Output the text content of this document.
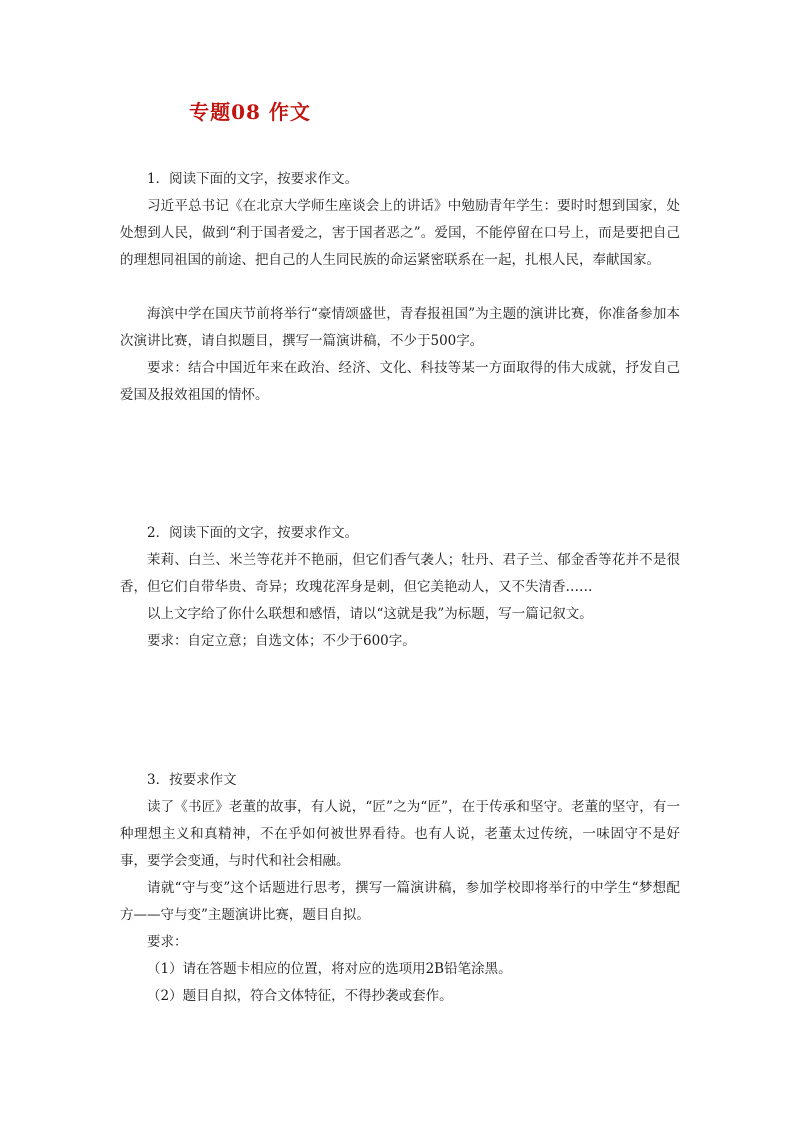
专题08 作文
1．阅读下面的文字，按要求作文。
习近平总书记《在北京大学师生座谈会上的讲话》中勉励青年学生：要时时想到国家，处处想到人民，做到“利于国者爱之，害于国者恶之”。爱国，不能停留在口号上，而是要把自己的理想同祖国的前途、把自己的人生同民族的命运紧密联系在一起，扎根人民，奉献国家。
海滨中学在国庆节前将举行“豪情颂盛世，青春报祖国”为主题的演讲比赛，你准备参加本次演讲比赛，请自拟题目，撰写一篇演讲稿，不少于500字。
要求：结合中国近年来在政治、经济、文化、科技等某一方面取得的伟大成就，抒发自己爱国及报效祖国的情怀。
2．阅读下面的文字，按要求作文。
茉莉、白兰、米兰等花并不艳丽，但它们香气袭人；牡丹、君子兰、郁金香等花并不是很香，但它们自带华贵、奇异；玫瑰花浑身是刺，但它美艳动人，又不失清香……
以上文字给了你什么联想和感悟，请以“这就是我”为标题，写一篇记叙文。
要求：自定立意；自选文体；不少于600字。
3．按要求作文
读了《书匠》老董的故事，有人说，“匠”之为“匠”，在于传承和坚守。老董的坚守，有一种理想主义和真精神，不在乎如何被世界看待。也有人说，老董太过传统，一味固守不是好事，要学会变通，与时代和社会相融。
请就“守与变”这个话题进行思考，撰写一篇演讲稿，参加学校即将举行的中学生“梦想配方——守与变”主题演讲比赛，题目自拟。
要求：
（1）请在答题卡相应的位置，将对应的选项用2B铅笔涂黑。
（2）题目自拟，符合文体特征，不得抄袭或套作。
